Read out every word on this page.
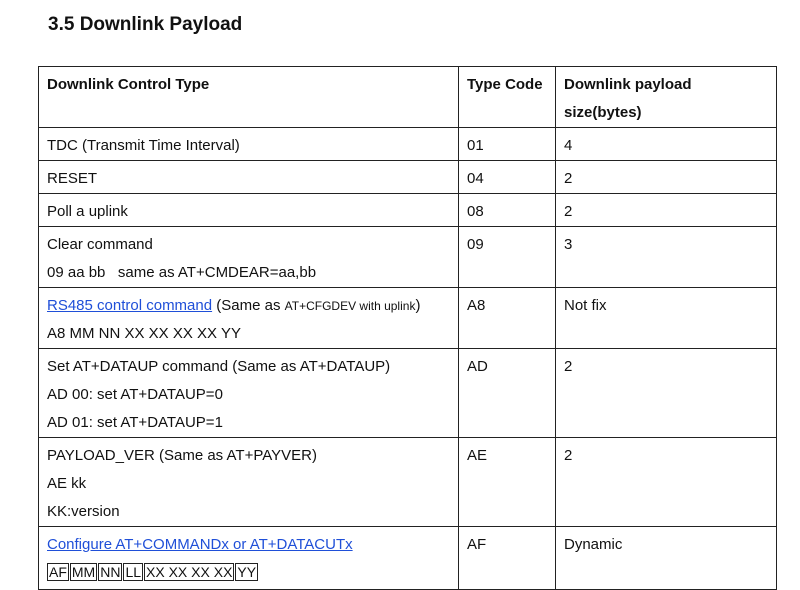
3.5 Downlink Payload
Downlink Control Type	Type Code	Downlink payload size(bytes)

TDC (Transmit Time Interval)	01	4

RESET	04	2

Poll a uplink	08	2

Clear command
09 aa bb   same as AT+CMDEAR=aa,bb	09	3

RS485 control command (Same as AT+CFGDEV with uplink)
A8 MM NN XX XX XX XX YY	A8	Not fix

Set AT+DATAUP command (Same as AT+DATAUP)
AD 00: set AT+DATAUP=0
AD 01: set AT+DATAUP=1	AD	2

PAYLOAD_VER (Same as AT+PAYVER)
AE kk
KK:version	AE	2

Configure AT+COMMANDx or AT+DATACUTx
AF MM NN LL XX XX XX XX YY	AF	Dynamic
